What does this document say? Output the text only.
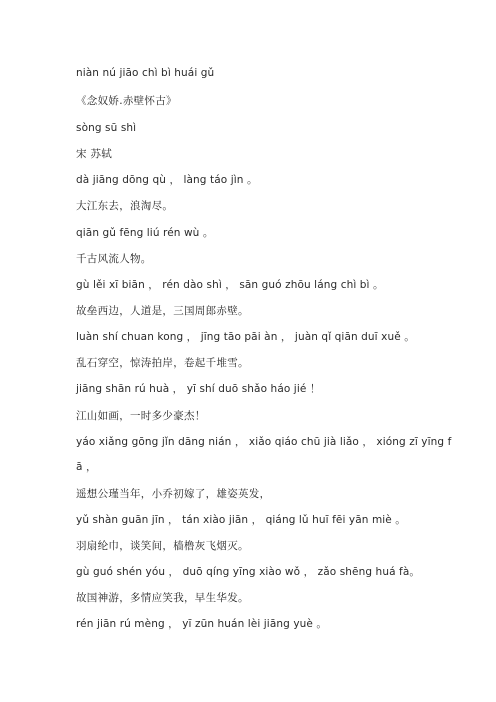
niàn nú jiāo chì bì huái gǔ
《念奴娇.赤壁怀古》
sòng sū shì
宋 苏轼
dà jiāng dōng qù ， làng táo jìn 。
大江东去，浪淘尽。
qiān gǔ fēng liú rén wù 。
千古风流人物。
gù lěi xī biān ， rén dào shì ， sān guó zhōu láng chì bì 。
故垒西边，人道是，三国周郎赤壁。
luàn shí chuan kong ， jīng tāo pāi àn ， juàn qǐ qiān duī xuě 。
乱石穿空，惊涛拍岸，卷起千堆雪。
jiāng shān rú huà ， yī shí duō shǎo háo jié ！
江山如画，一时多少豪杰！
yáo xiǎng gōng jǐn dāng nián ， xiǎo qiáo chū jià liǎo ， xióng zī yīng f
ā ，
遥想公瑾当年，小乔初嫁了，雄姿英发，
yǔ shàn guān jīn ， tán xiào jiān ， qiáng lǔ huī fēi yān miè 。
羽扇纶巾，谈笑间，樯橹灰飞烟灭。
gù guó shén yóu ， duō qíng yīng xiào wǒ ， zǎo shēng huá fà。
故国神游，多情应笑我，早生华发。
rén jiān rú mèng ， yī zūn huán lèi jiāng yuè 。
